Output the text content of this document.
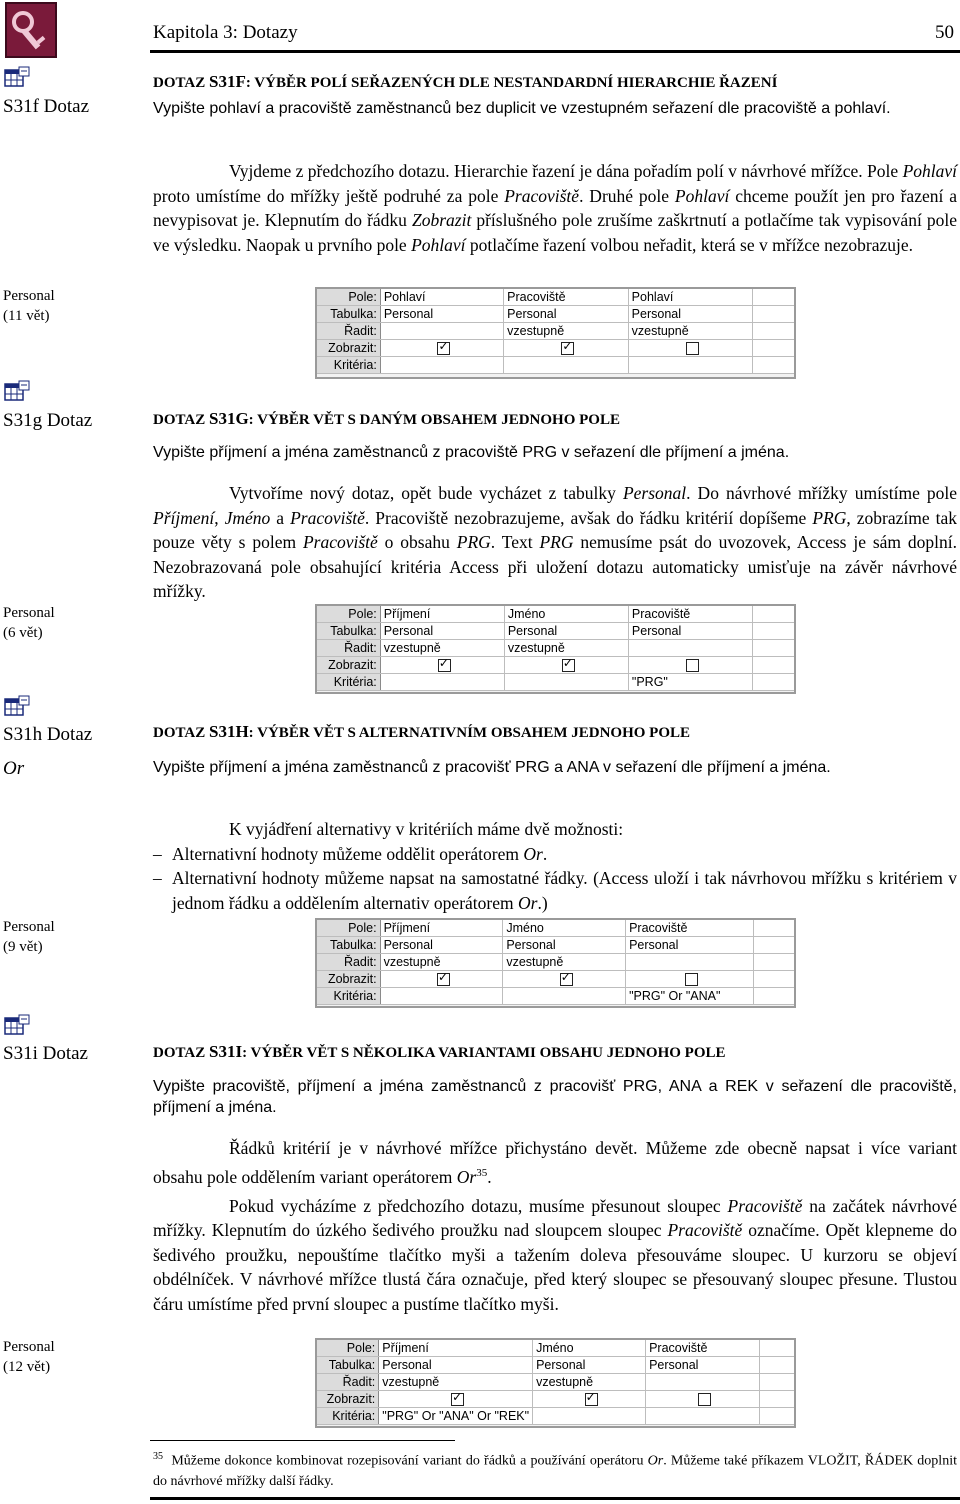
Kapitola 3: Dotazy	50
S31f Dotaz
Personal
(11 vět)
DOTAZ S31F: VÝBĚR POLÍ SEŘAZENÝCH DLE NESTANDARDNÍ HIERARCHIE ŘAZENÍ
Vypište pohlaví a pracoviště zaměstnanců bez duplicit ve vzestupném seřazení dle pracoviště a pohlaví.

Vyjdeme z předchozího dotazu. Hierarchie řazení je dána pořadím polí v návrhové mřížce. Pole Pohlaví proto umístíme do mřížky ještě podruhé za pole Pracoviště. Druhé pole Pohlaví chceme použít jen pro řazení a nevypisovat je. Klepnutím do řádku Zobrazit příslušného pole zrušíme zaškrtnutí a potlačíme tak vypisování pole ve výsledku. Naopak u prvního pole Pohlaví potlačíme řazení volbou neřadit, která se v mřížce nezobrazuje.

Pole:	Pohlaví	Pracoviště	Pohlaví	
Tabulka:	Personal	Personal	Personal	
Řadit:		vzestupně	vzestupně	
Zobrazit:	✓	✓		
Kritéria:				
S31g Dotaz
Personal
(6 vět)
DOTAZ S31G: VÝBĚR VĚT S DANÝM OBSAHEM JEDNOHO POLE
Vypište příjmení a jména zaměstnanců z pracoviště PRG v seřazení dle příjmení a jména.

Vytvoříme nový dotaz, opět bude vycházet z tabulky Personal. Do návrhové mřížky umístíme pole Příjmení, Jméno a Pracoviště. Pracoviště nezobrazujeme, avšak do řádku kritérií dopíšeme PRG, zobrazíme tak pouze věty s polem Pracoviště o obsahu PRG. Text PRG nemusíme psát do uvozovek, Access je sám doplní. Nezobrazovaná pole obsahující kritéria Access při uložení dotazu automaticky umisťuje na závěr návrhové mřížky.

Pole:	Příjmení	Jméno	Pracoviště	
Tabulka:	Personal	Personal	Personal	
Řadit:	vzestupně	vzestupně		
Zobrazit:	✓	✓		
Kritéria:			"PRG"	
S31h Dotaz
Or
Personal
(9 vět)
DOTAZ S31H: VÝBĚR VĚT S ALTERNATIVNÍM OBSAHEM JEDNOHO POLE
Vypište příjmení a jména zaměstnanců z pracovišť PRG a ANA v seřazení dle příjmení a jména.

K vyjádření alternativy v kritériích máme dvě možnosti:

– Alternativní hodnoty můžeme oddělit operátorem Or.
– Alternativní hodnoty můžeme napsat na samostatné řádky. (Access uloží i tak návrhovou mřížku s kritériem v jednom řádku a oddělením alternativ operátorem Or.)
Pole:	Příjmení	Jméno	Pracoviště	
Tabulka:	Personal	Personal	Personal	
Řadit:	vzestupně	vzestupně		
Zobrazit:	✓	✓		
Kritéria:			"PRG" Or "ANA"	
S31i Dotaz
Personal
(12 vět)
DOTAZ S31I: VÝBĚR VĚT S NĚKOLIKA VARIANTAMI OBSAHU JEDNOHO POLE
Vypište pracoviště, příjmení a jména zaměstnanců z pracovišť PRG, ANA a REK v seřazení dle pracoviště, příjmení a jména.

Řádků kritérií je v návrhové mřížce přichystáno devět. Můžeme zde obecně napsat i více variant obsahu pole oddělením variant operátorem Or$^{35}$.

Pokud vycházíme z předchozího dotazu, musíme přesunout sloupec Pracoviště na začátek návrhové mřížky. Klepnutím do úzkého šedivého proužku nad sloupcem sloupec Pracoviště označíme. Opět klepneme do šedivého proužku, nepouštíme tlačítko myši a tažením doleva přesouváme sloupec. U kurzoru se objeví obdélníček. V návrhové mřížce tlustá čára označuje, před který sloupec se přesouvaný sloupec přesune. Tlustou čáru umístíme před první sloupec a pustíme tlačítko myši.

Pole:	Příjmení	Jméno	Pracoviště	
Tabulka:	Personal	Personal	Personal	
Řadit:	vzestupně	vzestupně		
Zobrazit:	✓	✓		
Kritéria:	"PRG" Or "ANA" Or "REK"			
$^{35}$ Můžeme dokonce kombinovat rozepisování variant do řádků a používání operátoru Or. Můžeme také příkazem VLOŽIT, ŘÁDEK doplnit do návrhové mřížky další řádky.
